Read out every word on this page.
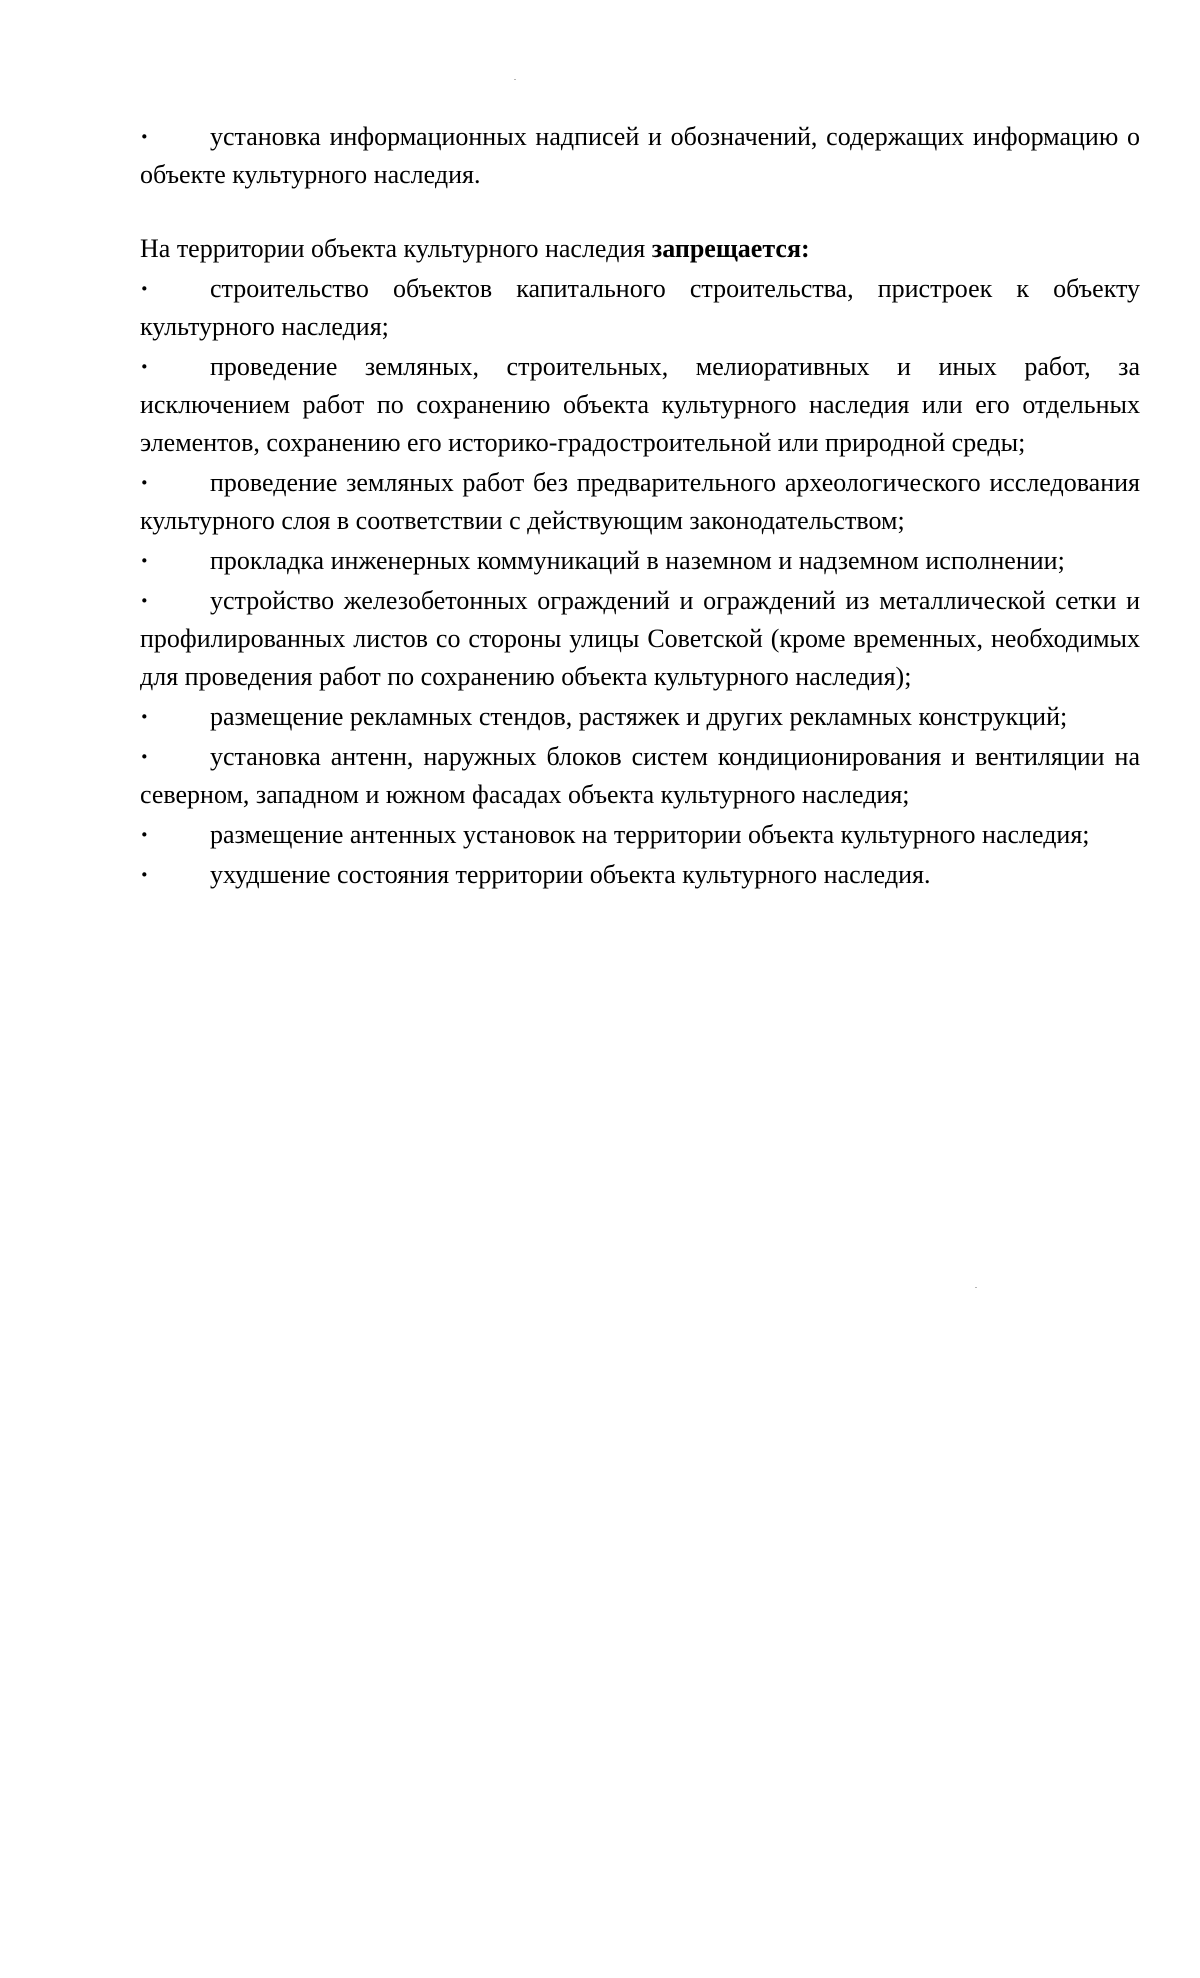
·	установка информационных надписей и обозначений, содержащих информацию о объекте культурного наследия.

На территории объекта культурного наследия запрещается:

·	строительство объектов капитального строительства, пристроек к объекту культурного наследия;

·	проведение земляных, строительных, мелиоративных и иных работ, за исключением работ по сохранению объекта культурного наследия или его отдельных элементов, сохранению его историко-градостроительной или природной среды;

·	проведение земляных работ без предварительного археологического исследования культурного слоя в соответствии с действующим законодательством;

·	прокладка инженерных коммуникаций в наземном и надземном исполнении;

·	устройство железобетонных ограждений и ограждений из металлической сетки и профилированных листов со стороны улицы Советской (кроме временных, необходимых для проведения работ по сохранению объекта культурного наследия);

·	размещение рекламных стендов, растяжек и других рекламных конструкций;

·	установка антенн, наружных блоков систем кондиционирования и вентиляции на северном, западном и южном фасадах объекта культурного наследия;

·	размещение антенных установок на территории объекта культурного наследия;

·	ухудшение состояния территории объекта культурного наследия.
